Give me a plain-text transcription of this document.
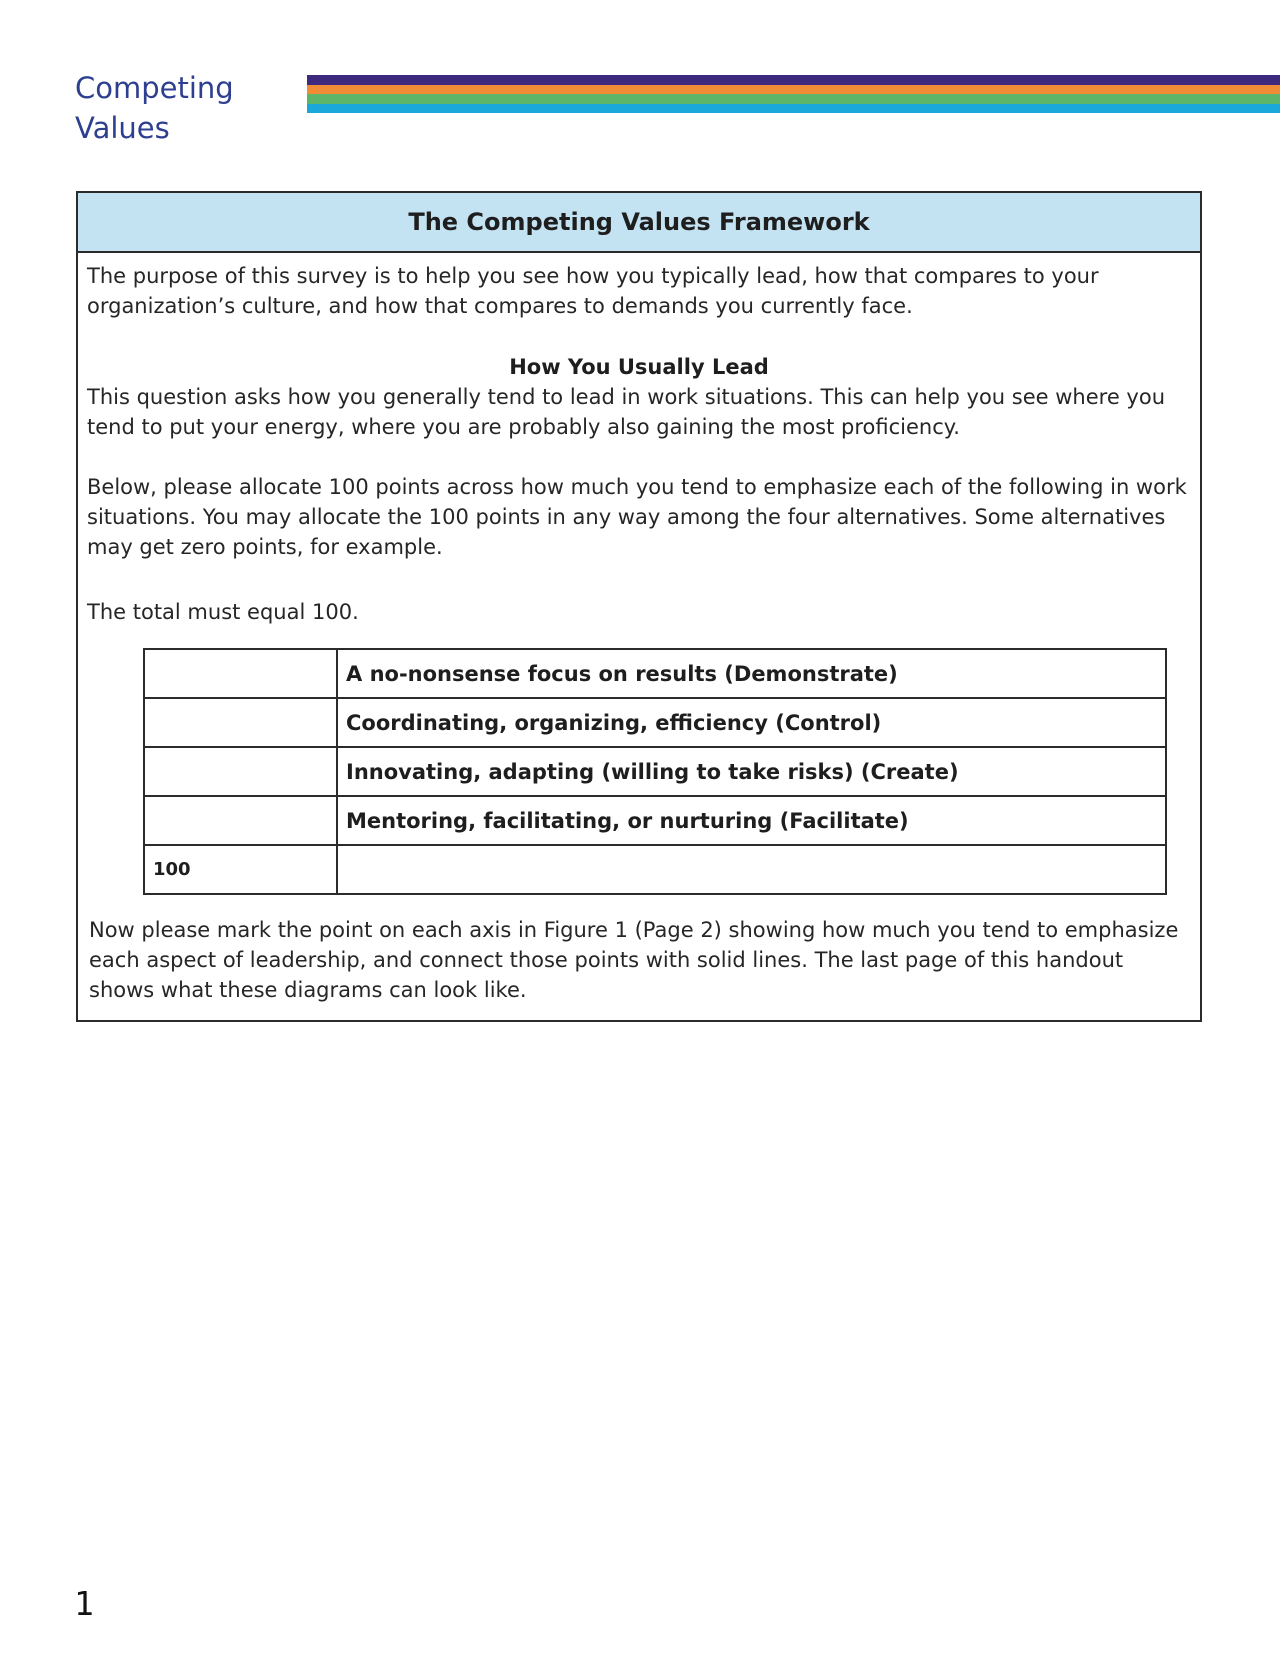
Competing
Values
The Competing Values Framework

The purpose of this survey is to help you see how you typically lead, how that compares to your organization’s culture, and how that compares to demands you currently face.

How You Usually Lead

This question asks how you generally tend to lead in work situations. This can help you see where you tend to put your energy, where you are probably also gaining the most proficiency.

Below, please allocate 100 points across how much you tend to emphasize each of the following in work situations. You may allocate the 100 points in any way among the four alternatives. Some alternatives may get zero points, for example.

The total must equal 100.

	A no-nonsense focus on results (Demonstrate)
	Coordinating, organizing, efficiency (Control)
	Innovating, adapting (willing to take risks) (Create)
	Mentoring, facilitating, or nurturing (Facilitate)
100	

Now please mark the point on each axis in Figure 1 (Page 2) showing how much you tend to emphasize each aspect of leadership, and connect those points with solid lines. The last page of this handout shows what these diagrams can look like.

1
